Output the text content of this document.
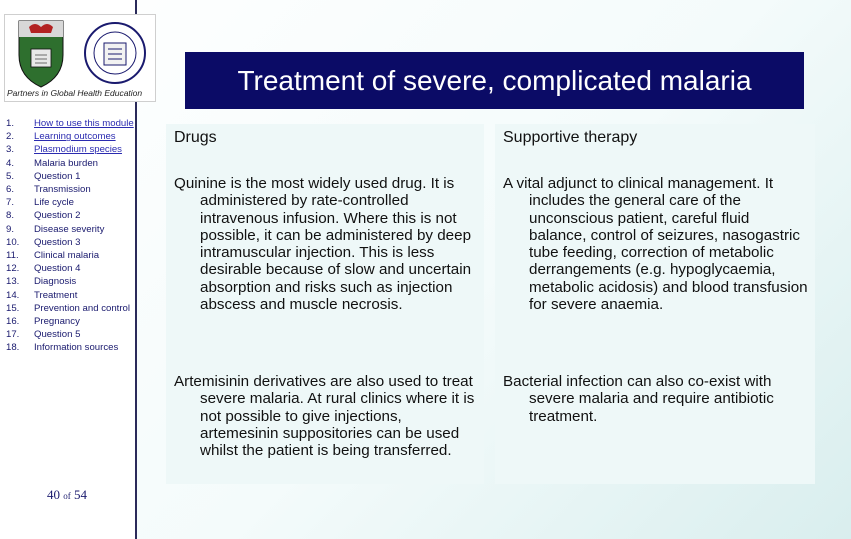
Partners in Global Health Education
1.	How to use this module
2.	Learning outcomes
3.	Plasmodium species
4.	Malaria burden
5.	Question 1
6.	Transmission
7.	Life cycle
8.	Question 2
9.	Disease severity
10.	Question 3
11.	Clinical malaria
12.	Question 4
13.	Diagnosis
14.	Treatment
15.	Prevention and control
16.	Pregnancy
17.	Question 5
18.	Information sources
40 of 54
Treatment of severe, complicated malaria
Drugs
Quinine is the most widely used drug. It is administered by rate-controlled intravenous infusion. Where this is not possible, it can be administered by deep intramuscular injection. This is less desirable because of slow and uncertain absorption and risks such as injection abscess and muscle necrosis.
Artemisinin derivatives are also used to treat severe malaria. At rural clinics where it is not possible to give injections, artemesinin suppositories can be used whilst the patient is being transferred.
Supportive therapy
A vital adjunct to clinical management. It includes the general care of the unconscious patient, careful fluid balance, control of seizures, nasogastric tube feeding, correction of metabolic derrangements (e.g. hypoglycaemia, metabolic acidosis) and blood transfusion for severe anaemia.
Bacterial infection can also co-exist with severe malaria and require antibiotic treatment.
